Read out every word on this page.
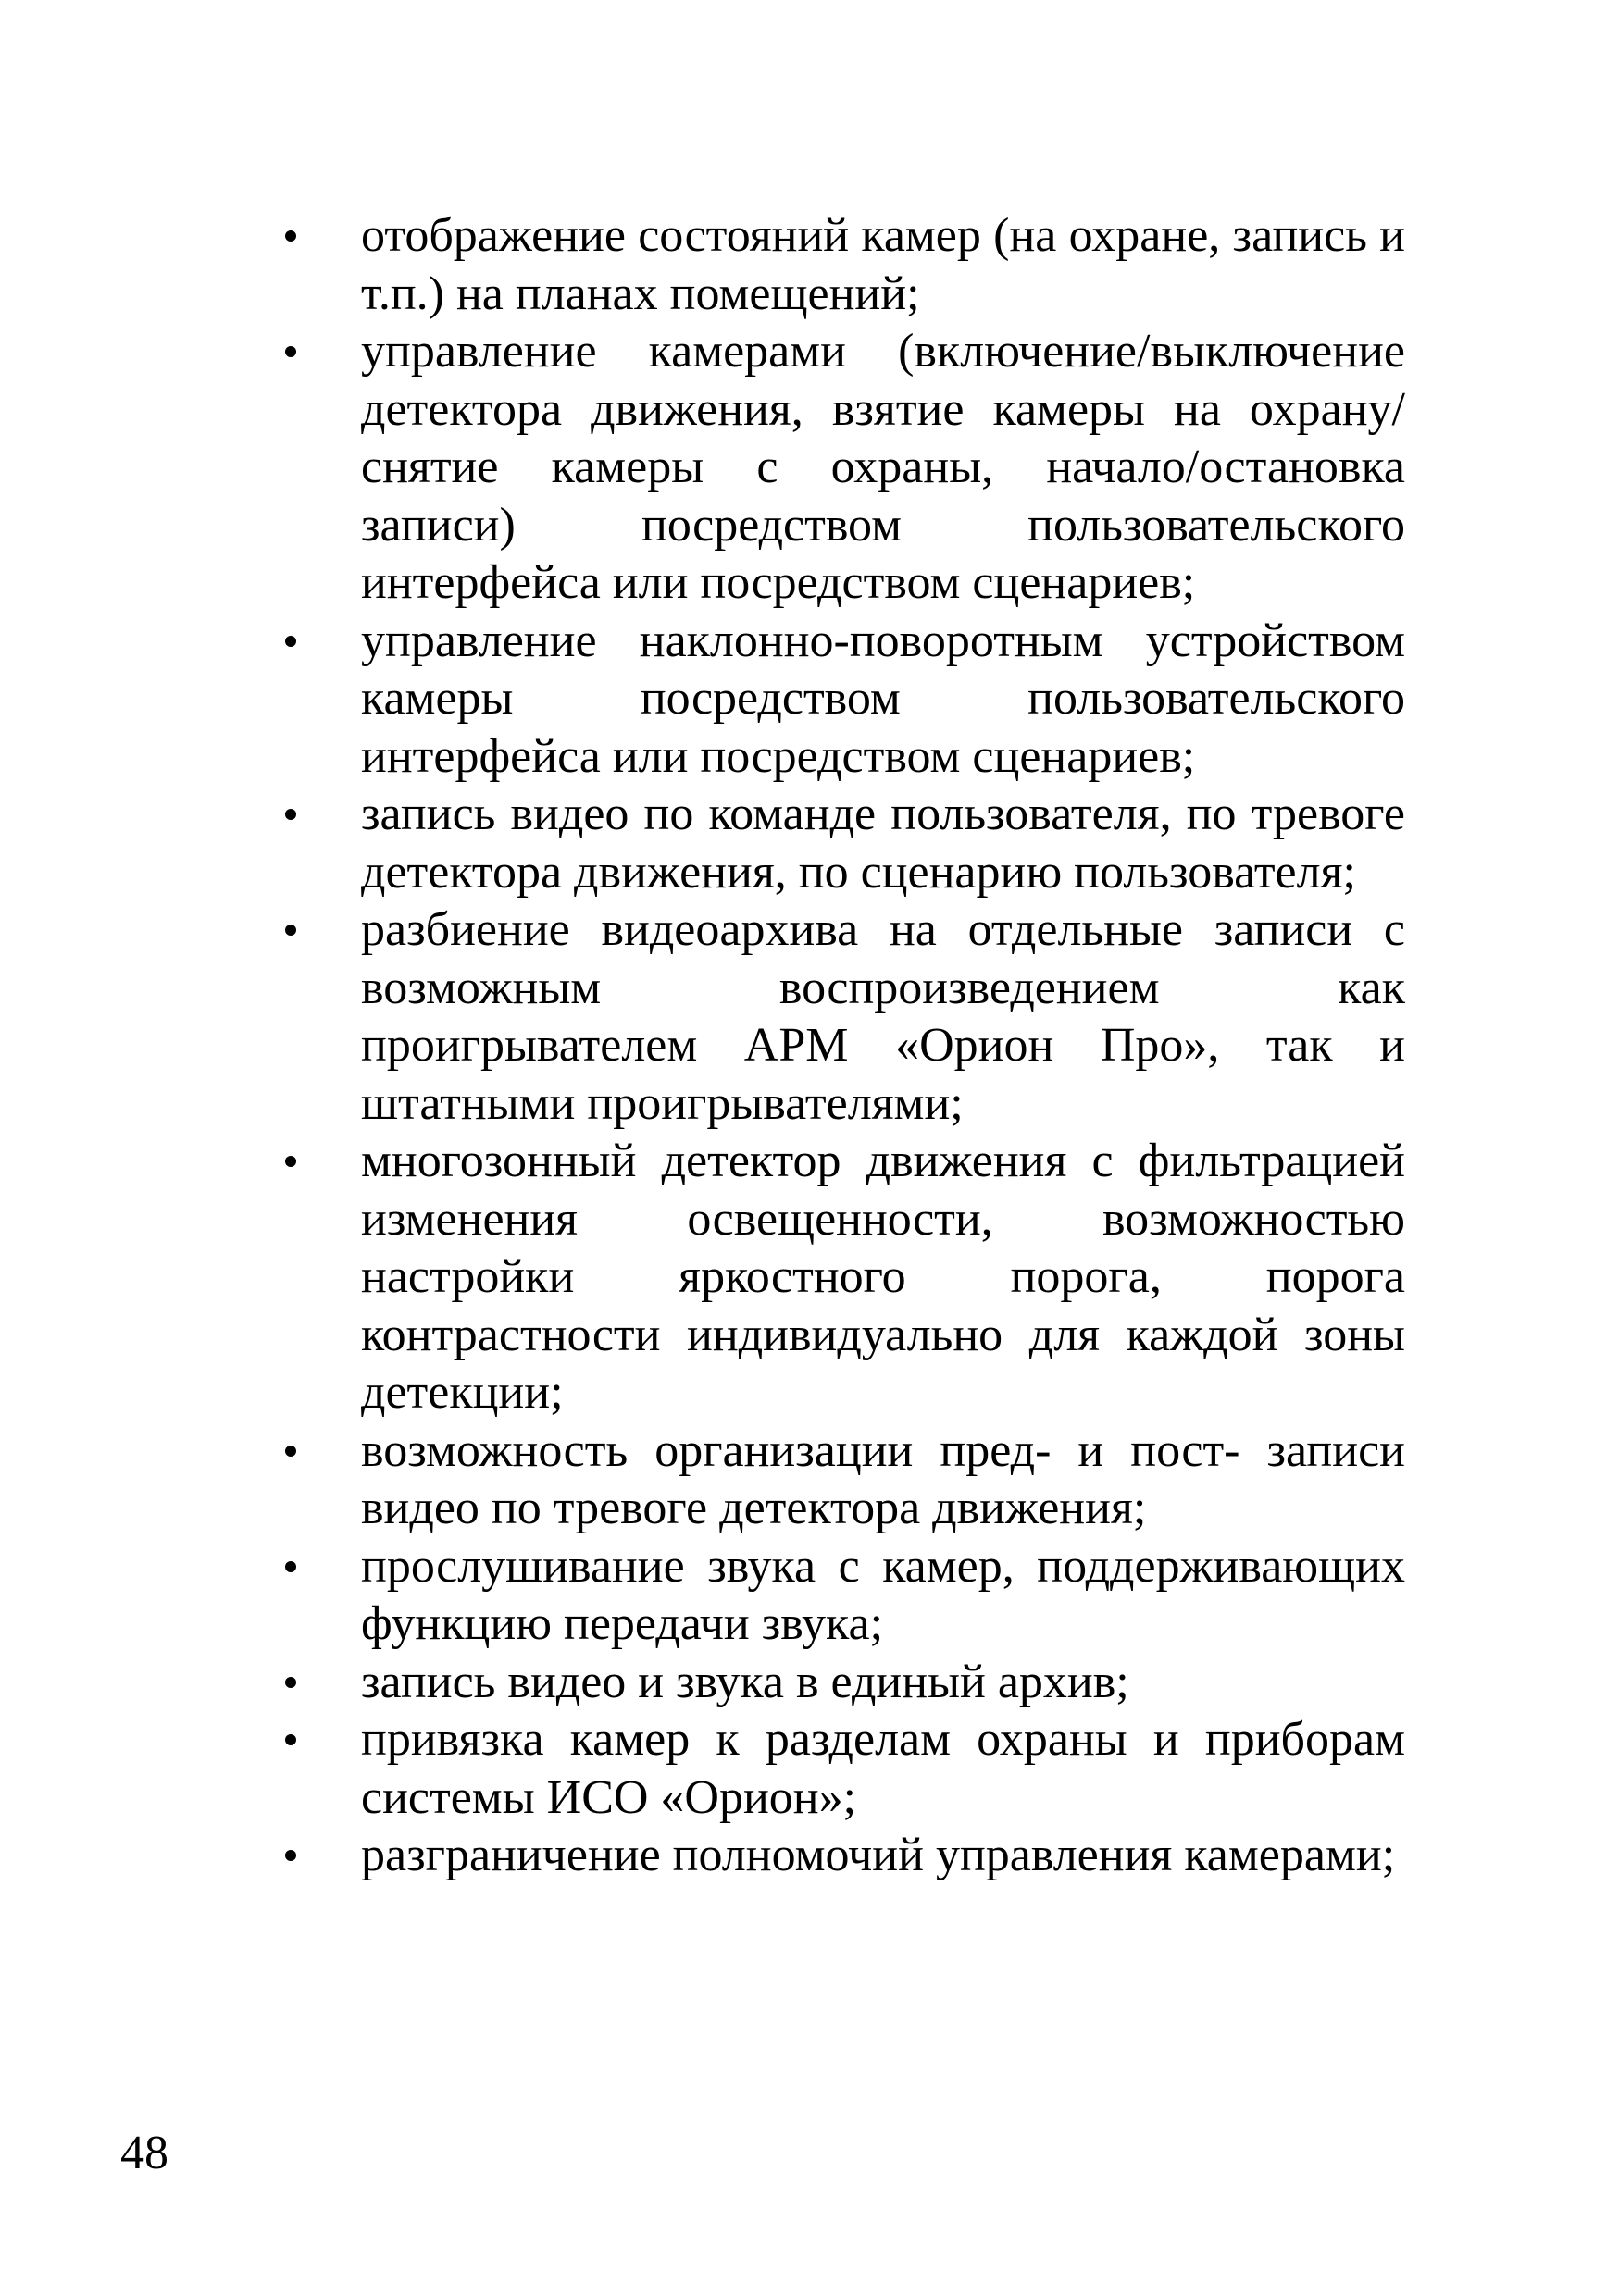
отображение состояний камер (на охране, запись и т.п.) на планах помещений;
управление камерами (включение/выключение детектора движения, взятие камеры на охрану/снятие камеры с охраны, начало/остановка записи) посредством пользовательского интерфейса или посредством сценариев;
управление наклонно-поворотным устройством камеры посредством пользовательского интерфейса или посредством сценариев;
запись видео по команде пользователя, по тревоге детектора движения, по сценарию пользователя;
разбиение видеоархива на отдельные записи с возможным воспроизведением как проигрывателем АРМ «Орион Про», так и штатными проигрывателями;
многозонный детектор движения с фильтрацией изменения освещенности, возможностью настройки яркостного порога, порога контрастности индивидуально для каждой зоны детекции;
возможность организации пред- и пост- записи видео по тревоге детектора движения;
прослушивание звука с камер, поддерживающих функцию передачи звука;
запись видео и звука в единый архив;
привязка камер к разделам охраны и приборам системы ИСО «Орион»;
разграничение полномочий управления камерами;
48
